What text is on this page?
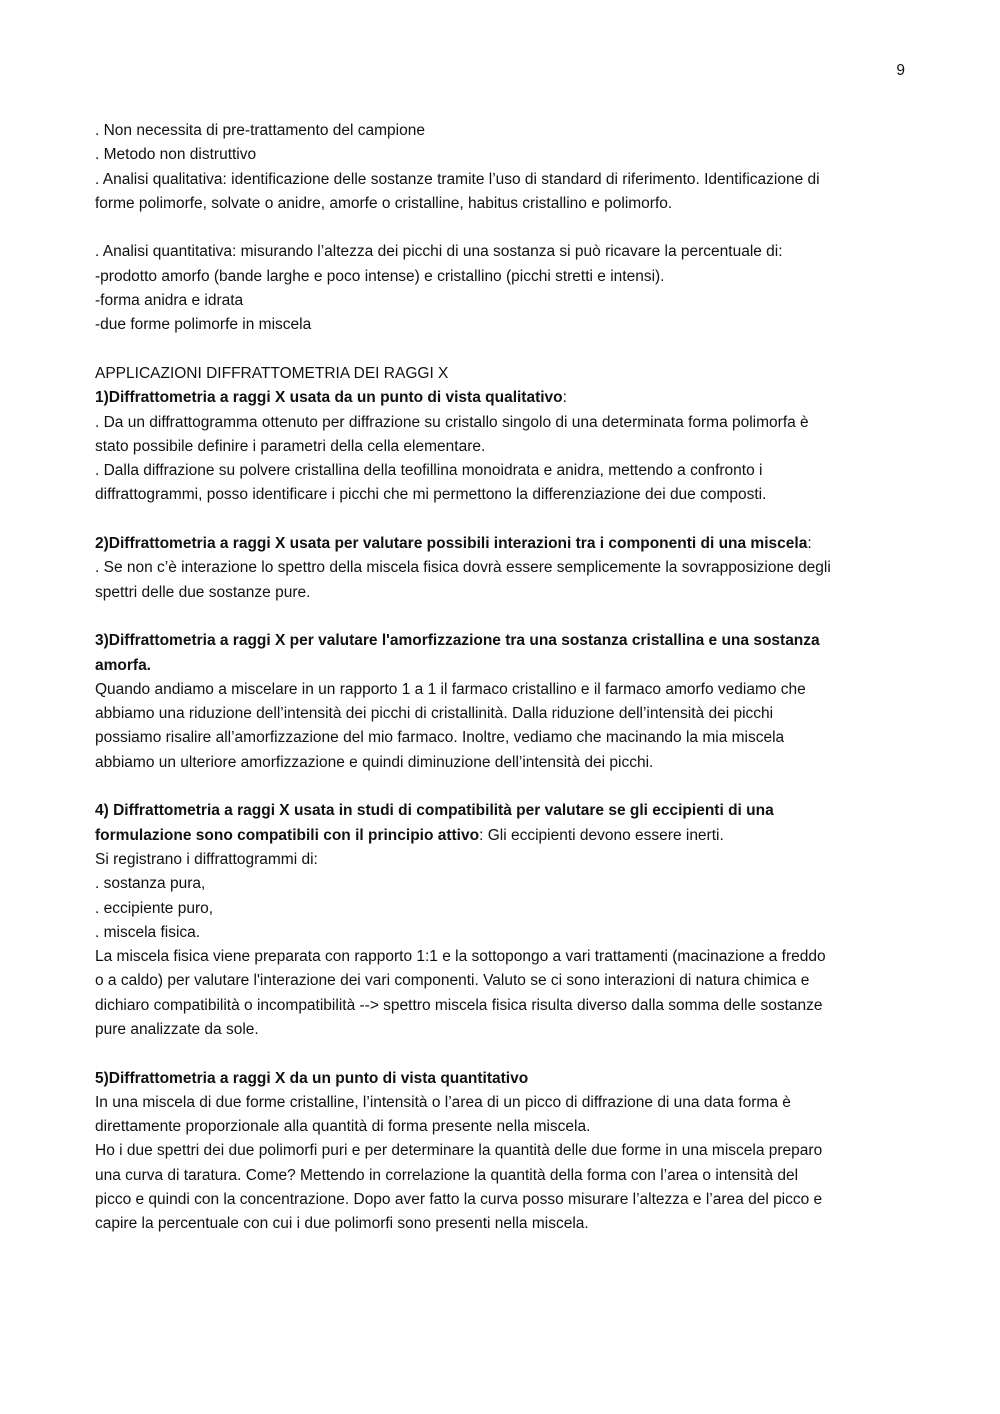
9
. Non necessita di pre-trattamento del campione
. Metodo non distruttivo
. Analisi qualitativa: identificazione delle sostanze tramite l’uso di standard di riferimento. Identificazione di
forme polimorfe, solvate o anidre, amorfe o cristalline, habitus cristallino e polimorfo.
. Analisi quantitativa: misurando l’altezza dei picchi di una sostanza si può ricavare la percentuale di:
-prodotto amorfo (bande larghe e poco intense) e cristallino (picchi stretti e intensi).
-forma anidra e idrata
-due forme polimorfe in miscela
APPLICAZIONI DIFFRATTOMETRIA DEI RAGGI X
1)Diffrattometria a raggi X usata da un punto di vista qualitativo:
. Da un diffrattogramma ottenuto per diffrazione su cristallo singolo di una determinata forma polimorfa è
stato possibile definire i parametri della cella elementare.
. Dalla diffrazione su polvere cristallina della teofillina monoidrata e anidra, mettendo a confronto i
diffrattogrammi, posso identificare i picchi che mi permettono la differenziazione dei due composti.
2)Diffrattometria a raggi X usata per valutare possibili interazioni tra i componenti di una miscela:
. Se non c’è interazione lo spettro della miscela fisica dovrà essere semplicemente la sovrapposizione degli
spettri delle due sostanze pure.
3)Diffrattometria a raggi X per valutare l'amorfizzazione tra una sostanza cristallina e una sostanza
amorfa.
Quando andiamo a miscelare in un rapporto 1 a 1 il farmaco cristallino e il farmaco amorfo vediamo che
abbiamo una riduzione dell’intensità dei picchi di cristallinità. Dalla riduzione dell’intensità dei picchi
possiamo risalire all’amorfizzazione del mio farmaco. Inoltre, vediamo che macinando la mia miscela
abbiamo un ulteriore amorfizzazione e quindi diminuzione dell’intensità dei picchi.
4) Diffrattometria a raggi X usata in studi di compatibilità per valutare se gli eccipienti di una
formulazione sono compatibili con il principio attivo: Gli eccipienti devono essere inerti.
Si registrano i diffrattogrammi di:
. sostanza pura,
. eccipiente puro,
. miscela fisica.
La miscela fisica viene preparata con rapporto 1:1 e la sottopongo a vari trattamenti (macinazione a freddo
o a caldo) per valutare l'interazione dei vari componenti. Valuto se ci sono interazioni di natura chimica e
dichiaro compatibilità o incompatibilità --> spettro miscela fisica risulta diverso dalla somma delle sostanze
pure analizzate da sole.
5)Diffrattometria a raggi X da un punto di vista quantitativo
In una miscela di due forme cristalline, l’intensità o l’area di un picco di diffrazione di una data forma è
direttamente proporzionale alla quantità di forma presente nella miscela.
Ho i due spettri dei due polimorfi puri e per determinare la quantità delle due forme in una miscela preparo
una curva di taratura. Come? Mettendo in correlazione la quantità della forma con l’area o intensità del
picco e quindi con la concentrazione. Dopo aver fatto la curva posso misurare l’altezza e l’area del picco e
capire la percentuale con cui i due polimorfi sono presenti nella miscela.
